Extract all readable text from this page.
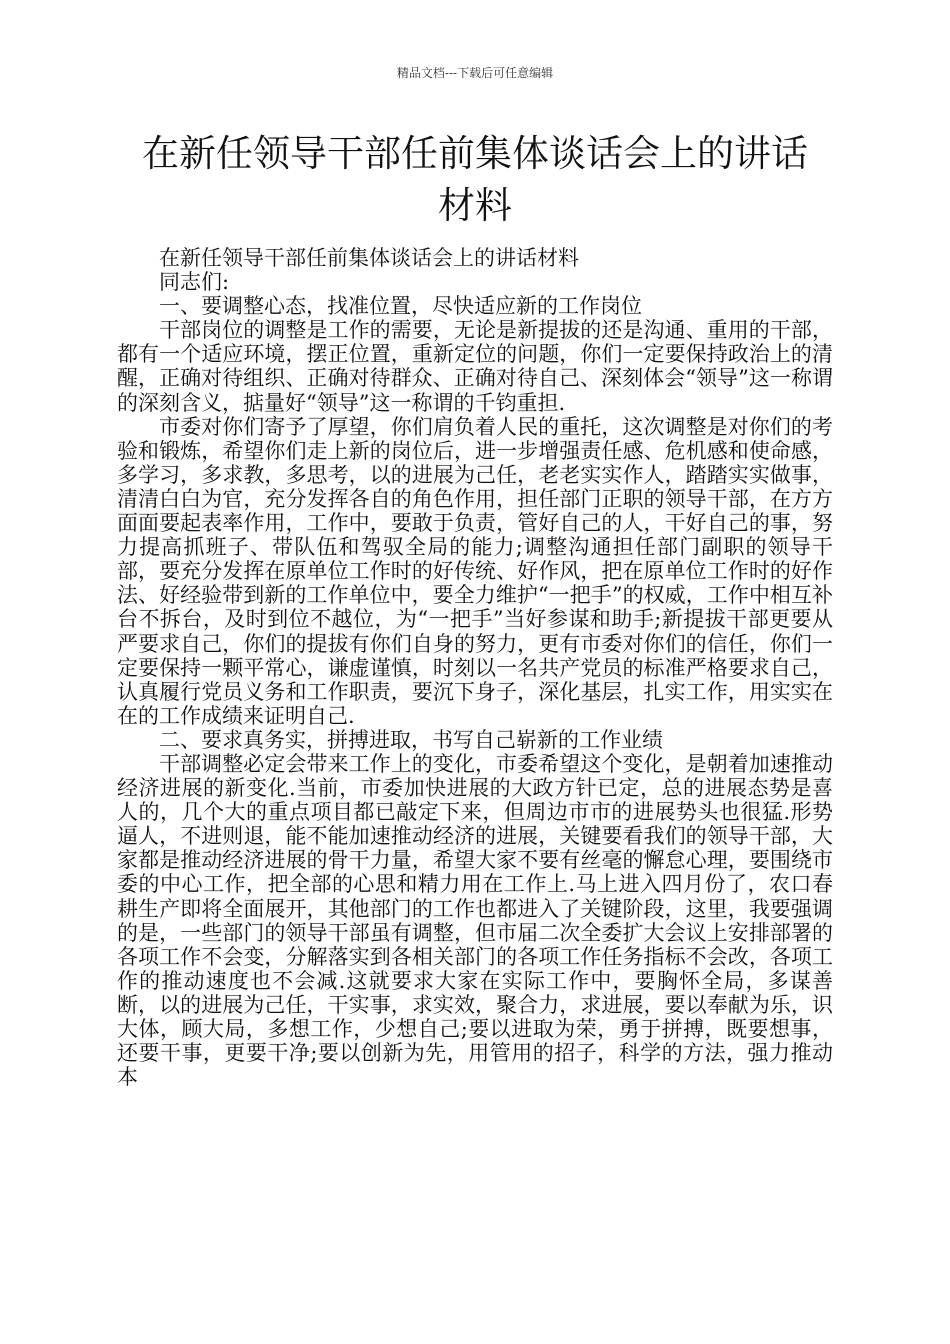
精品文档---下载后可任意编辑
在新任领导干部任前集体谈话会上的讲话材料

在新任领导干部任前集体谈话会上的讲话材料

同志们:

一、要调整心态，找准位置，尽快适应新的工作岗位

干部岗位的调整是工作的需要，无论是新提拔的还是沟通、重用的干部，都有一个适应环境，摆正位置，重新定位的问题，你们一定要保持政治上的清醒，正确对待组织、正确对待群众、正确对待自己、深刻体会“领导”这一称谓的深刻含义，掂量好“领导”这一称谓的千钧重担.

市委对你们寄予了厚望，你们肩负着人民的重托，这次调整是对你们的考验和锻炼，希望你们走上新的岗位后，进一步增强责任感、危机感和使命感，多学习，多求教，多思考，以的进展为己任，老老实实作人，踏踏实实做事，清清白白为官，充分发挥各自的角色作用，担任部门正职的领导干部，在方方面面要起表率作用，工作中，要敢于负责，管好自己的人，干好自己的事，努力提高抓班子、带队伍和驾驭全局的能力;调整沟通担任部门副职的领导干部，要充分发挥在原单位工作时的好传统、好作风，把在原单位工作时的好作法、好经验带到新的工作单位中，要全力维护“一把手”的权威，工作中相互补台不拆台，及时到位不越位，为“一把手”当好参谋和助手;新提拔干部更要从严要求自己，你们的提拔有你们自身的努力，更有市委对你们的信任，你们一定要保持一颗平常心，谦虚谨慎，时刻以一名共产党员的标准严格要求自己，认真履行党员义务和工作职责，要沉下身子，深化基层，扎实工作，用实实在在的工作成绩来证明自己.

二、要求真务实，拼搏进取，书写自己崭新的工作业绩

干部调整必定会带来工作上的变化，市委希望这个变化，是朝着加速推动经济进展的新变化.当前，市委加快进展的大政方针已定，总的进展态势是喜人的，几个大的重点项目都已敲定下来，但周边市市的进展势头也很猛.形势逼人，不进则退，能不能加速推动经济的进展，关键要看我们的领导干部，大家都是推动经济进展的骨干力量，希望大家不要有丝毫的懈怠心理，要围绕市委的中心工作，把全部的心思和精力用在工作上.马上进入四月份了，农口春耕生产即将全面展开，其他部门的工作也都进入了关键阶段，这里，我要强调的是，一些部门的领导干部虽有调整，但市届二次全委扩大会议上安排部署的各项工作不会变，分解落实到各相关部门的各项工作任务指标不会改，各项工作的推动速度也不会减.这就要求大家在实际工作中，要胸怀全局，多谋善断，以的进展为己任，干实事，求实效，聚合力，求进展，要以奉献为乐，识大体，顾大局，多想工作，少想自己;要以进取为荣，勇于拼搏，既要想事，还要干事，更要干净;要以创新为先，用管用的招子，科学的方法，强力推动本
